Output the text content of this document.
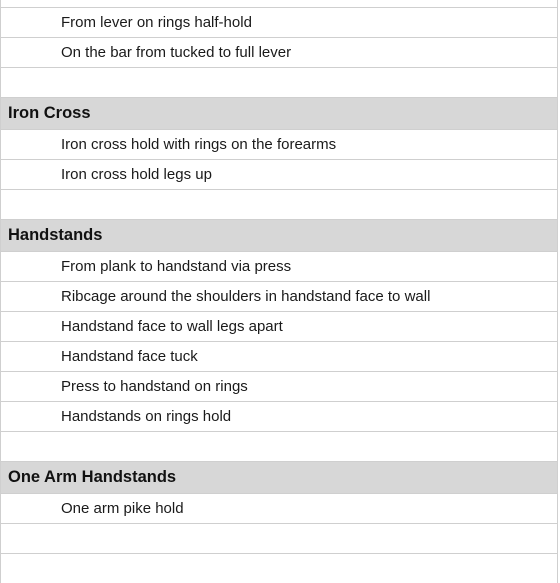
From lever on rings half-hold
On the bar from tucked to full lever
Iron Cross
Iron cross hold with rings on the forearms
Iron cross hold legs up
Handstands
From plank to handstand via press
Ribcage around the shoulders in handstand face to wall
Handstand face to wall legs apart
Handstand face tuck
Press to handstand on rings
Handstands on rings hold
One Arm Handstands
One arm pike hold
